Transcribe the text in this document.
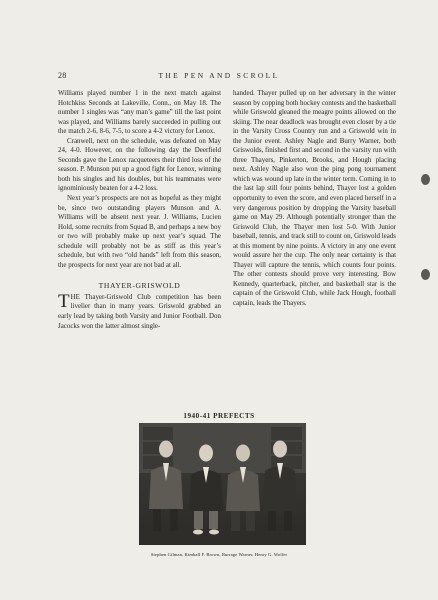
28	THE PEN AND SCROLL

Williams played number 1 in the next match against Hotchkiss Seconds at Lakeville, Conn., on May 18. The number 1 singles was “any man’s game” till the last point was played, and Williams barely succeeded in pulling out the match 2-6, 8-6, 7-5, to score a 4-2 victory for Lenox.

Cranwell, next on the schedule, was defeated on May 24, 4-0. However, on the following day the Deerfield Seconds gave the Lenox racqueteers their third loss of the season. P. Munson put up a good fight for Lenox, winning both his singles and his doubles, but his teammates were ignominiously beaten for a 4-2 loss.

Next year’s prospects are not as hopeful as they might be, since two outstanding players Munson and A. Williams will be absent next year. J. Williams, Lucien Hold, some recruits from Squad B, and perhaps a new boy or two will probably make up next year’s squad. The schedule will probably not be as stiff as this year’s schedule, but with two “old hands” left from this season, the prospects for next year are not bad at all.

THAYER-GRISWOLD

THE Thayer-Griswold Club competition has been livelier than in many years. Griswold grabbed an early lead by taking both Varsity and Junior Football. Don Jacocks won the latter almost single-

handed. Thayer pulled up on her adversary in the winter season by copping both hockey contests and the basketball while Griswold gleaned the meagre points allowed on the skiing. The near deadlock was brought even closer by a tie in the Varsity Cross Country run and a Griswold win in the Junior event. Ashley Nagle and Burry Warner, both Griswolds, finished first and second in the varsity run with three Thayers, Pinkerton, Brooks, and Hough placing next. Ashley Nagle also won the ping pong tournament which was wound up late in the winter term. Coming in to the last lap still four points behind, Thayer lost a golden opportunity to even the score, and even placed herself in a very dangerous position by dropping the Varsity baseball game on May 29. Although potentially stronger than the Griswold Club, the Thayer men lost 5-0. With Junior baseball, tennis, and track still to count on, Griswold leads at this moment by nine points. A victory in any one event would assure her the cup. The only near certainty is that Thayer will capture the tennis, which counts four points. The other contests should prove very interesting. Bow Kennedy, quarterback, pitcher, and basketball star is the captain of the Griswold Club, while Jack Hough, football captain, leads the Thayers.

1940-41 PREFECTS
Stephen Gilman, Kimball F. Brown, Burrage Warner, Henry G. Wolfer
